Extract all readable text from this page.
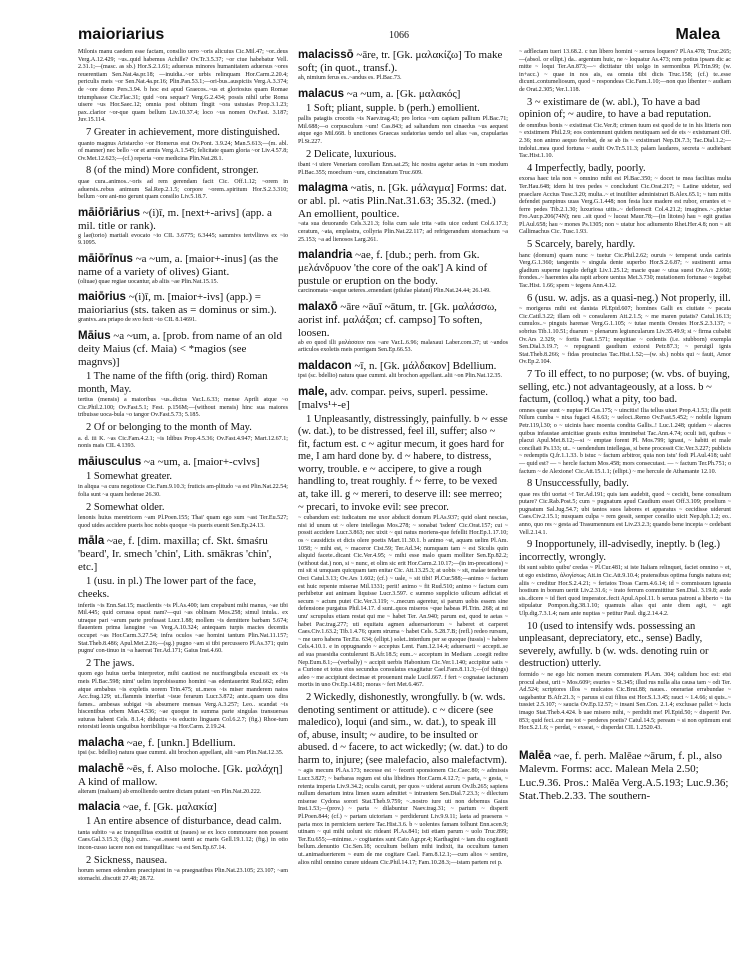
maioriarius	1066	Malea

Milonis manu caedem esse factam, consilio uero ~oris alicuius Cic.Mil.47; ~or..deus Verg.A.12.429; ~us..quid habemus Achille? Ov.Tr.3.5.37; ~or ciue habebatur Vell. 2.31.1;—(masc. as sb.) Hor.S.2.1.61; aduersus minores humanitatem aduersus ~ores reuerentiam Sen.Nat.4a.pr.18; —inuidia..~or urbis relinquam Hor.Carm.2.20.4; periculis meis ~or Sen.Nat.4a.pr.16; Plin.Pan.53.1;—ori-bus..auspiciis Verg.A.3.374; de ~ore domo Pers.3.94. b hoc est apud Graecos..~us et gloriosius quam Romae triumphasse Cic.Flac.31; quid ~ora sequar? Verg.G.2.434; possis nihil urbe Roma uisere ~us Hor.Saec.12; omnia post obitum fingit ~ora ustusias Prop.3.1.23; pax..clarior ~or-que quam bellum Liv.10.37.4; loco ~us nomen Ov.Fast. 3.187; Juv.15.114.

7 Greater in achievement, more distinguished.

quanto magnus Aristarcho ~or Homerus erat Ov.Pont. 3.9.24; Man.5.613;—(m. abl. of manner) nec bello ~or et armis Verg.A.1.545; felicitate quam gloria ~or Liv.4.57.8; Ov.Met.12.623;—(cf.) reperta ~ore medicina Plin.Nat.28.1.

8 (of the mind) More confident, stronger.

quae cura..animos..~oris ad rem gerendam facit Cic. Off.1.12; ~orem in aduersis..rebus animum Sal.Rep.2.1.5; corpore ~orem..spiritum Hor.S.2.3.310; bellum ~ore ani-mo gerunt quam consilio Liv.5.18.7.

māiōriārius ~(i)ī, m. [next+-arivs] (app. a mil. title or rank).

g lae(torio) martiali evocato ~io CIL 3.6775; 6.3445; sammivs tertvllinvs ex ~io 9.1095.

māiōrīnus ~a ~um, a. [maior+-inus] (as the name of a variety of olives) Giant.

(oliuae) quae regiae uocantur, ab aliis ~ae Plin.Nat.15.15.

maiōrius ~(i)ī, m. [maior+-ivs] (app.) = maioriarius (sts. taken as = dominus or sim.).

granivs..ara priapo de svo fecit ~io CIL 8.14691.

Māius ~a ~um, a. [prob. from name of an old deity Maius (cf. Maia) < *magios (see magnvs)]

1 The name of the fifth (orig. third) Roman month, May.

tertius (mensis) a maioribus ~us..dictus Var.L.6.33; mense Aprili atque ~o Cic.Phil.2.100; Ov.Fast.5.1; Fest. p.156M;—(without mensis) hinc sua maiores tribuisse uoca-bula ~o tangor Ov.Fast.5.73; 5.185.

2 Of or belonging to the month of May.

a. d. iii K. ~as Cic.Fam.4.2.1; ~is Idibus Prop.4.5.36; Ov.Fast.4.947; Mart.12.67.1; nonis mais CIL 4.1393.

māiusculus ~a ~um, a. [maior+-cvlvs]

1 Somewhat greater.

in aliqua ~a cura negotioue Cic.Fam.9.10.3; fruticis am-plitudo ~a est Plin.Nat.22.54; folia sunt ~a quam hederae 26.30.

2 Somewhat older.

lenonis huius meretricem ~am Pl.Poen.155; Thai' quam ego sum ~ast Ter.Eu.527; quod uides accidere pueris hoc nobis quoque ~is pueris euenit Sen.Ep.24.13.

māla ~ae, f. [dim. maxilla; cf. Skt. śmaśru 'beard', Ir. smech 'chin', Lith. smākras 'chin', etc.]

1 (usu. in pl.) The lower part of the face, cheeks.

infertis ~is Enn.Sat.15; macilentis ~is Pl.As.400; iam crepabunt mihi manus, ~ae tibi Mil.445; quid cerussa opust nam?—qui ~as oblinam Mos.258; simul intula.. ex utraque pari ~arum parte profusast Lucr.1.88; mollem ~is demittere barbam 5.674; flauentem prima lanugine ~as Verg.A.10.324; antequam turpis macies decentis occupet ~as Hor.Carm.3.27.54; infra oculos ~ae homini tantum Plin.Nat.11.157; Stat.Theb.8.486; Apul.Met.2.26;—(sg.) pugno ~am si tibi percussero Pl.As.371; quin pugnu' con-tinuo in ~a haereat Ter.Ad.171; Gaius Inst.4.60.

2 The jaws.

quom ego huius uerba interpretor, mihi cautiost ne nucifrangibula excussit ex ~is meis Pl.Bac.598; nimi' uelim inprobissumo homini ~as edentauerint Rud.662; edim atque ambabus ~is expletis uorem Trin.475; ut..meos ~is miser manderem natos Acc.frag.129; ut..flammis interfiat ~isue ferarum Lucr.3.872; ante..quam uos dira fames.. ambesas subigat ~is absumere mensas Verg.A.3.257; Leo.. scandat ~is hiscentibus orbem Man.4.536; ~ae quoque in summa parte singulas transuersas suturas habent Cels. 8.1.4; diductis ~is educito linguam Col.6.2.7; (fig.) Rhoe-tum retorsisti leonis unguibus horribilique ~a Hor.Carm. 2.19.24.

malacha ~ae, f. [unkn.] Bdellium.

ipsi (sc. bdellio) natura quae cummi. alii brochon appellant, alii ~am Plin.Nat.12.35.

malachē ~ēs, f. Also moloche. [Gk. μαλάχη] A kind of mallow.

alteram (maluam) ab emolliendo uentre dictam putant ~en Plin.Nat.20.222.

malacia ~ae, f. [Gk. μαλακία]

1 An entire absence of disturbance, dead calm.

tanta subito ~a ac tranquillitas exstitit ut (naues) se ex loco commouere non possent Caes.Gal.3.15.3; (fig.) cum.. ~ae..essent uenti ac maris Gell.19.1.12; (fig.) in otio incon-cusso iacere non est tranquillitas: ~a est Sen.Ep.67.14.

2 Sickness, nausea.

horum semen edendum praecipiunt in ~a praegnatibus Plin.Nat.23.105; 23.107; ~am stomachi..discutit 27.48; 28.72.

malacissō ~āre, tr. [Gk. μαλακίζω] To make soft; (in quot., transf.).

ah, nimium ferus es..~andus es. Pl.Bac.73.

malacus ~a ~um, a. [Gk. μαλακός]

1 Soft; pliant, supple. b (perh.) emollient.

pallis patagiis crocotis ~is Naev.trag.43; pro lorica ~um capiam pallium Pl.Bac.71; Mil.688;—o corpusculum ~um! Cas.843; ad saltandum non cinaedus ~us aequest atque ego Mil.668. b unctiones Graecas sudatorias uendo uel alias ~as, crapularias Pl.St.227.

2 Delicate, luxurious.

ibant ~i uiere Veneriam corollam Enn.sat.25; hic nostra agetur aetas in ~um modum Pl.Bac.355; moechum ~um, cincinnatum Truc.609.

malagma ~atis, n. [Gk. μάλαγμα] Forms: dat. or abl. pl. ~atis Plin.Nat.31.63; 35.32. (med.) An emollient, poultice.

~ata sua deuorando Cels.3.21.3; folia cum sale trita ~atis uice cedunt Col.6.17.3; ceratum, ~ata, emplastra, collyria Plin.Nat.22.117; ad refrigerandum stomachum ~a 25.153; ~a ad lienosos Larg.261.

malandria ~ae, f. [dub.; perh. from Gk. μελάνδρυον 'the core of the oak'] A kind of pustule or eruption on the body.

carcinomata ~asque ueteres..emendant (pilulae platani) Plin.Nat.24.44; 26.149.

malaxō ~āre ~āuī ~ātum, tr. [Gk. μαλάσσω, aorist inf. μαλάξαι; cf. campso] To soften, loosen.

ab eo quod illi μαλάσσειν nos ~are Var.L.6.96; malaxaui Laber.com.37; ut ~andos articulos exoletis meis porrigam Sen.Ep.66.53.

maldacon ~ī, n. [Gk. μάλδακον] Bdellium.

ipsi (sc. bdellio) natura quae cummi. alii brochon appellant..alii ~on Plin.Nat.12.35.

male, adv. compar. peivs, superl. pessime. [malvs¹+-e]

1 Unpleasantly, distressingly, painfully. b ~ esse (w. dat.), to be distressed, feel ill, suffer; also ~ fit, factum est. c ~ agitur mecum, it goes hard for me, I am hard done by. d ~ habere, to distress, worry, trouble. e ~ accipere, to give a rough handling to, treat roughly. f ~ ferre, to be vexed at, take ill. g ~ mereri, to deserve ill: see merreo; ~ precari, to invoke evil: see precor.

~ cubandum est: iudicatum me uxor abducit domum Pl.As.937; quid olant nescias, nisi id unum ut ~ olere intellegas Mos.278; ~ sonabat 'isdem' Cic.Orat.157; cui ~ possit accidere Lucr.3.863; nec uixit ~ qui natus moriens-que fefellit Hor.Ep.1.17.10; os ~ causidicis et dicis olere poetis Mart.11.30.1. b animo ~st, aquam uelim Pl.Am. 1058; ~ mihi est, ~ maceror Cist.59; Ter.Ad.34; numquam tam ~ est Siculis quin aliquid facete..dicant Cic.Ver.4.95; ~ mihi esse malo quam molliter Sen.Ep.82.2; (without dat.) non, si ~ nunc, et olim sic erit Hor.Carm.2.10.17;—(in im-precations) ~ mi sit si umquam quicquam tam enitar Cic. Att.13.25.3; at uobis ~ sit, malae tenebrae Orci Catul.3.13; Ov.Ars 1.602; (cf.) ~ uale, ~ sit tibi! Pl.Cur.588;—animo ~ factum est huic repente miserae Mil.1331; perii! animo ~ fit Rud.510; animo ~ factum cum perhibetur aut animam liquisse Lucr.3.597. c summo supplicio uilicum adficiat et secum ~ actum putet Cic.Ver.3.119; ~..mecum ageretur, si parum uobis essem sine defensione purgatus Phil.14.17. d sunt..quos miseros ~que habeas Pl.Trin. 268; at mi unu' scrupulus etiam restat qui me ~ habet Ter. An.940; parum est, quod te aetas ~ habet Pac.trag.277; uti equitatu agmen aduersariorum ~ haberet et carperet Caes.Civ.1.63.2; Tib.1.4.76; quem struma ~ habet Cels. 5.28.7.B; (refl.) redeo rursum, ~ me uero habens Ter.Eu. 634; (ellipt.) solet..interdum per se quoque (tussis) ~ habere Cels.4.10.1. e in oppugnando ~ acceptus Lent. Fam.12.14.4; aduersarii ~ accepti..se ad sua praesidia contulerunt B.Afr.18.5; eum..~ acceptum in Mediam ..coegit redire Nep.Eum.8.1;—(verbally) ~ accipit uerbis Habonium Cic.Ver.1.140; accipitur satis ~ a Curione et totus eius secundus consulatus exagitatur Cael.Fam.8.11.3;—(of things) adeo ~ me accipiunt decimae et prouenunt male Lucil.667. f fert ~ cognatae iacturam mortis in uno Ov.Ep.14.81; moras ~ fert Met.6.467.

2 Wickedly, dishonestly, wrongfully. b (w. wds. denoting sentiment or attitude). c ~ dicere (see maledico), loqui (and sim., w. dat.), to speak ill of, abuse, insult; ~ audire, to be insulted or abused. d ~ facere, to act wickedly; (w. dat.) to do harm to, injure; (see malefacio, also malefactvm).

~ agis mecum Pl.As.173; necesse est ~ fecerit sponsionem Cic.Caec.80; ~ admissis Lucr.3.827; ~ barbaras regum est ulta libidines Hor.Carm.4.12.7; ~ parta, ~ gesta, ~ retenta imperia Liv.9.34.2; oculis caruit, per quos ~ uiderat aurum Ov.Ib.265; sapiens nullum denarium intra limen suum admittet ~ intrantem Sen.Dial.7.23.3; ~ dilectum miserae Cydona sorori Stat.Theb.9.759; ~..nostro iure uti non debemus Gaius Inst.1.53;—(prov.) ~ parta ~ dilabuntur Naev.trag.31; ~ partum ~ disperit Pl.Poen.844; (cf.) ~ partam uictoriam ~ perdiderunt Liv.9.9.11; laeta ad praesens ~ parta mox in perniciem uertere Tac.Hist.3.6. b ~ uolentes famam tolhunt Enn.scen.9; utinam ~ qui mihi uolunt sic rideant Pl.As.841; isti etiam parum ~ uolo Truc.899; Ter.Eu.655;—minime..~ cogitantes sunt Cato Agr.pr.4; Karthagini ~ iam diu cogitanti bellum..denuntio Cic.Sen.18; occultum bellum mihi indixit, ita occultum tamen ut..animaduerterem ~ eum de me cogitare Cael. Fam.8.12.1;—cum alios ~ sentire, alios nihil omnino curare uideam Cic.Phil.14.17; Fam.10.28.3;—istam partem rei p.

~ adflectam tueri 13.68.2. c tun libero homini ~ seruos loquere? Pl.As.478; Truc.265;—(absol. or ellipt.) da.. argentum huic, ne ~ loquatur As.473; rem potius ipsam dic ac mitte ~ loqui Ter.An.873;—~ dictitatur tibi uolgo in sermonibus Pl.Trin.99; (w. in+acc.) ~ quae in nos ais, ea omnia tibi dicis Truc.158; (cf.) te..esse dicunt..contumeliosum, quod ~ respondeas Cic.Fam.1.10;—non quo libenter ~ audiam de Orat.2.305; Ver.1.118.

3 ~ existimare de (w. abl.), To have a bad opinion of; ~ audire, to have a bad reputation.

de omnibus bonis ~ existimat Cic.Ver.8; crimen tuum est quod de te in his litteris non ~ existimem Phil.2.9; eos contemnunt quidem neutiquam sed de eis ~ existumant Off. 2.36; non animo aequo ferebat, de se ab iis ~ existimari Nep.Di.7.3; Tac.Dial.1.2;—indolui..mea quod fortuna ~ audit Ov.Tr.5.11.3; palam laudares, secreta ~ audiebant Tac.Hist.1.10.

4 Imperfectly, badly, poorly.

exorsa haec tela non ~ omnino mihi est Pl.Bac.350; ~ docet te mea facilitas multa Ter.Hau.648; idem hi tres pedes ~ concludunt Cic.Orat.217; ~ Latine uidetur, sed praeclare Accius Tusc.3.20; multa..~ et inutiliter administrari B.Alex.65.1; ~ tum mitis defendet pampinus uuas Verg.G.1.448; non festa luce madere est rubor, errantes et ~ ferre pedes Tib.2.1.30; luxuriosa uitis..~ deflorescit Col.4.21.2; imagines..~..pictae Fro.Aur.p.206(74N); neu ..sit quod ~ luceat Maur.78;—(in litotes) hau ~ egit gratias Pl.Aul.658; hau ~ mones Ps.1305; non ~ utatur hoc adiumento Rhet.Her.4.8; non ~ ait Callimachus Cic. Tusc.1.93.

5 Scarcely, barely, hardly.

hanc (domum) quam nunc ~ tuetur Cic.Phil.2.62; ouruis ~ temperat unda carinis Verg.G.1.360; tangentis ~ singula dente superbo Hor.S.2.6.87; ~ sustinenti arma gladium superne iugulo defigit Liv.1.25.12; macie quae ~ uiua suest Ov.Ars 2.660; frondes..~ haerentes alta rapit arbore uentus Met.3.730; mutationem fortunae ~ tegebat Tac.Hist. 1.66; spem ~ tegens Ann.4.12.

6 (usu. w. adjs. as a quasi-neg.) Not properly, ill.

~ morigerus mihi est danista Pl.Epid.607; homines Galli ex ciuitate ~ pacata Cic.Catil.3.22; illam odi ~ consularem Att.2.1.5; ~ me maren putatis? Catul.16.13; cumulos..~ pinguis harenae Verg.G.1.105; ~ tutae mentis Orestes Hor.S.2.3.137; ~ sobrius Tib.1.10.51; duarum ~ plenarum legiuncularum Liv.35.49.9; si ~ firma cubabit Ov.Ars 2.329; ~ fortis Fast.1.571; nequitiae ~ cedentis (i.e. stubborn) exempla Sen.Dial.3.19.7; ~ repugnanti gaudium extorsi Petr.87.3; ~ peruigil ignis Stat.Theb.8.266; ~ fidas prouincias Tac.Hist.1.52;—(w. sb.) nobis qui ~ fauit, Amor Ov.Ep.2.104.

7 To ill effect, to no purpose; (w. vbs. of buying, selling, etc.) not advantageously, at a loss. b ~ factum, (colloq.) what a pity, too bad.

omnes quae sunt ~ nuptae Pl.Cas.175; ~ uincitis! Ilia tellus uiuet Prop.4.1.53; illa petit Nilum cumba ~ nixa fugaci 4.6.63; ~ ueloci..Remo Ov.Fast.5.452; ~ nobile lignum Petr.119,l.30; o ~ uicinis haec moenia condita Gallis..! Luc.1.248; quidam ~ alacres quibus infaustae amicitiae grauis exitus imminebat Tac.Ann.4.74; oculi isti, quibus ~ placui Apul.Met.8.12;—si ~ emptae forent Pl. Mos.799; ignaui, ~ habiti et male conciliati Ps.133; ut.. ~ uendendum intellegas, si bene processit Cic.Ver.3.227; publicis ~ redemptis Q.fr.1.1.33. b istuc ~ factum arbitror, quia non istu' fodi Pl.Aul.418; uah! — quid est? — ~ hercle factum Mos.458; mors consecutast. — ~ factum Ter.Ph.751; o factum ~ de Alexione! Cic.Att.15.1.1; (ellipt.) ~ me hercule de Athamante 12.10.

8 Unsuccessfully, badly.

quae res tibi uortat ~! Ter.Ad.191; quis iam audebit, quod ~ cecidit, bene consultum putare? Cic.Rab.Post.5; cum ~ pugnatum apud Caudium esset Off.3.109; proelium ~ pugnatum Sal.Jug.54.7; ubi tantos suos labores et apparatus ~ cecidisse uiderunt Caes.Civ.2.15.1; nusquam culpa ~ rem gessit, semper consilio uicit Nep.Iph.1.2; eo.. anno, quo res ~ gesta ad Trasumennum est Liv.23.2.3; quando bene incepta ~ cedebant Vell.2.14.1.

9 Inopportunely, ill-advisedly, ineptly. b (leg.) incorrectly, wrongly.

ibi sunt subito quibu' credas ~ Pl.Cur.481; si iste Italiam relinquet, faciet omnino ~ et, ut ego existimo, ἀλογίστως Att.in Cic.Att.9.10.4; pratensibus optima fungis natura est; aliis ~ creditur Hor.S.2.4.21; ~ feriatos Troas Carm.4.6.14; id ~ commissum ignauia hostium in bonum uertit Liv.2.31.6; ~ irato ferrum committitur Sen.Dial. 3.19.8; aude sis..dicere ~ id fieri quod imperator..fecit Apul.Apol.11. b seruus patroni a liberto ~ ita stipulatur Pompon.dig.38.1.10; quamuis alias qui ante diem agit, ~ agit Ulp.dig.7.3.1.4; nam ante nuptias ~ petitur Paul. dig.2.14.4.2.

10 (used to intensify wds. possessing an unpleasant, depreciatory, etc., sense) Badly, severely, awfully. b (w. wds. denoting ruin or destruction) utterly.

formido ~ ne ego hic nomen meum commutem Pl.Am. 304; calidum hoc est: etsi procul abest, urit ~ Mos.609ᵃ; esuries ~ St.345; illud rus nulla alia causa tam ~ odi Ter. Ad.524; scriptores illos ~ mulcatos Cic.Brut.88; naues.. onerariae errabundae ~ uagabantur B.Afr.21.3; ~ paruus si cui filius est Hor.S.1.3.45; rauci ~ 1.4.66; si quis..~ tussiet 2.5.107; ~ saucia Ov.Ep.12.57; ~ insani Sen.Con. 2.1.4; exclusae pallet ~ lucis imago Stat.Theb.4.424. b uae misero mihi, ~ perdidit me! Pl.Epid.50; ~ disperii! Per. 853; quid feci..cur me tot ~ perderes poetis? Catul.14.5; peream ~ si non optimum erat Hor.S.2.1.6; ~ perdat, ~ exseat, ~ disperdat CIL 1.2520.43.

Malēa ~ae, f. perh. Malēae ~ārum, f. pl., also Malevm. Forms: acc. Malean Mela 2.50; Luc.9.36. Pros.: Malĕa Verg.A.5.193; Luc.9.36; Stat.Theb.2.33. The southern-
